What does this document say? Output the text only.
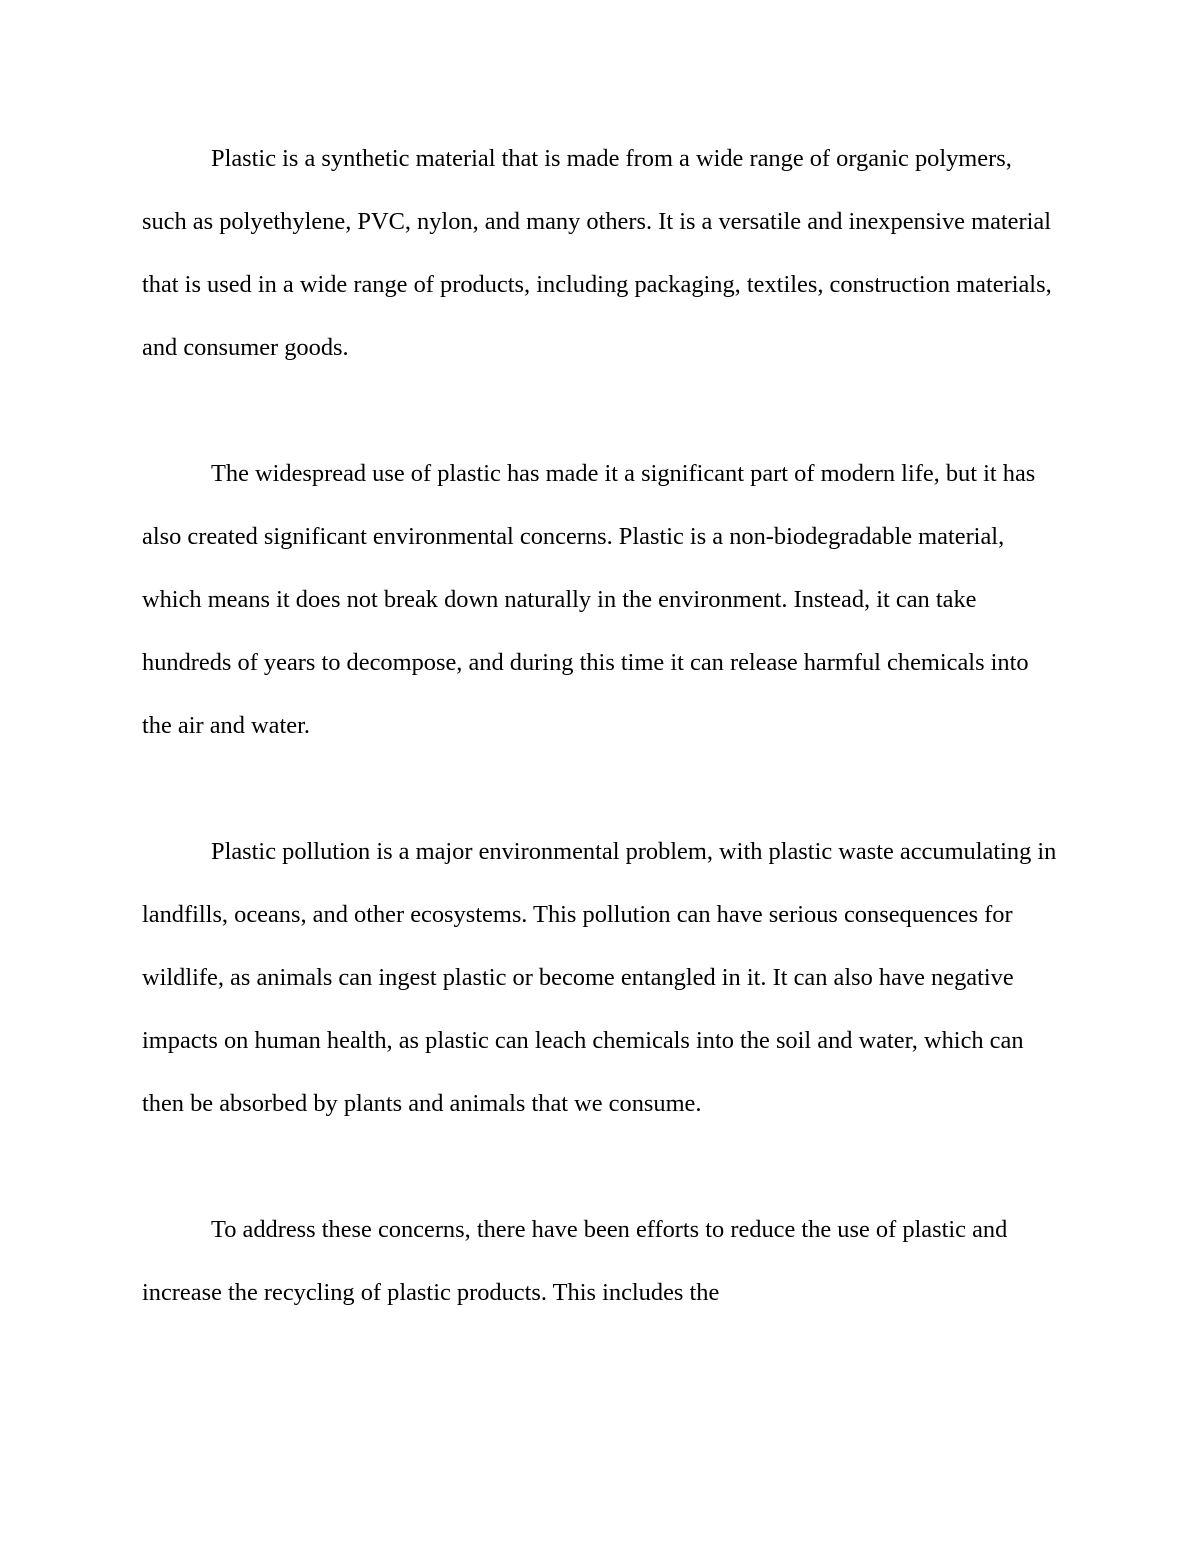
Plastic is a synthetic material that is made from a wide range of organic polymers, such as polyethylene, PVC, nylon, and many others. It is a versatile and inexpensive material that is used in a wide range of products, including packaging, textiles, construction materials, and consumer goods.

The widespread use of plastic has made it a significant part of modern life, but it has also created significant environmental concerns. Plastic is a non-biodegradable material, which means it does not break down naturally in the environment. Instead, it can take hundreds of years to decompose, and during this time it can release harmful chemicals into the air and water.

Plastic pollution is a major environmental problem, with plastic waste accumulating in landfills, oceans, and other ecosystems. This pollution can have serious consequences for wildlife, as animals can ingest plastic or become entangled in it. It can also have negative impacts on human health, as plastic can leach chemicals into the soil and water, which can then be absorbed by plants and animals that we consume.

To address these concerns, there have been efforts to reduce the use of plastic and increase the recycling of plastic products. This includes the
